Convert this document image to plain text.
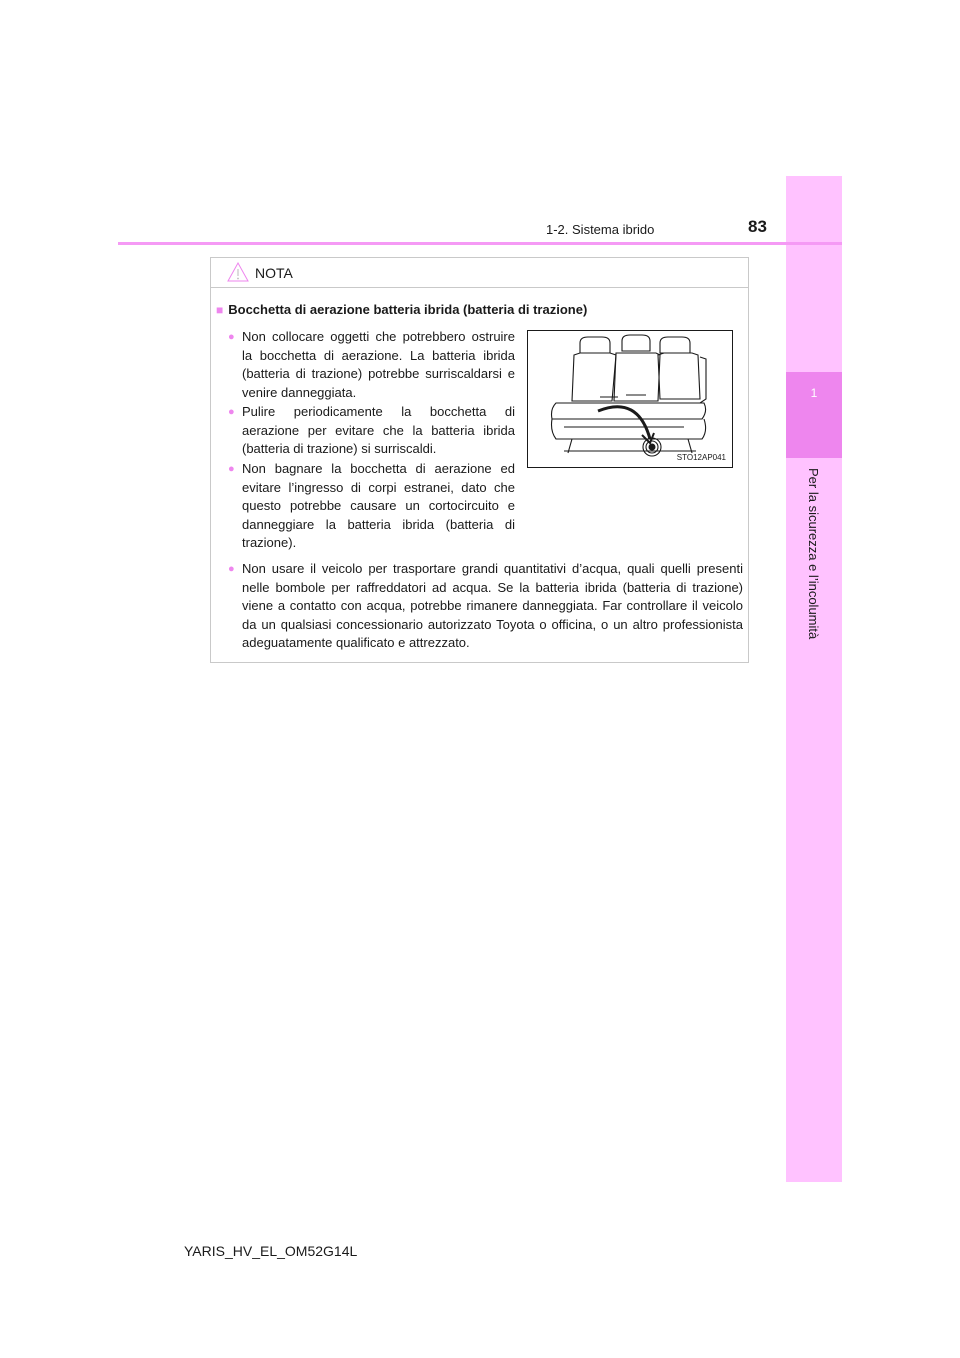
1
Per la sicurezza e l’incolumità
1-2. Sistema ibrido	83
NOTA
■ Bocchetta di aerazione batteria ibrida (batteria di trazione)
● Non collocare oggetti che potrebbero ostruire la bocchetta di aerazione. La batteria ibrida (batteria di trazione) potrebbe surriscaldarsi e venire danneggiata.
● Pulire periodicamente la bocchetta di aerazione per evitare che la batteria ibrida (batteria di trazione) si surriscaldi.
● Non bagnare la bocchetta di aerazione ed evitare l’ingresso di corpi estranei, dato che questo potrebbe causare un cortocircuito e danneggiare la batteria ibrida (batteria di trazione).
● Non usare il veicolo per trasportare grandi quantitativi d’acqua, quali quelli presenti nelle bombole per raffreddatori ad acqua. Se la batteria ibrida (batteria di trazione) viene a contatto con acqua, potrebbe rimanere danneggiata. Far controllare il veicolo da un qualsiasi concessionario autorizzato Toyota o officina, o un altro professionista adeguatamente qualificato e attrezzato.
STO12AP041
YARIS_HV_EL_OM52G14L
